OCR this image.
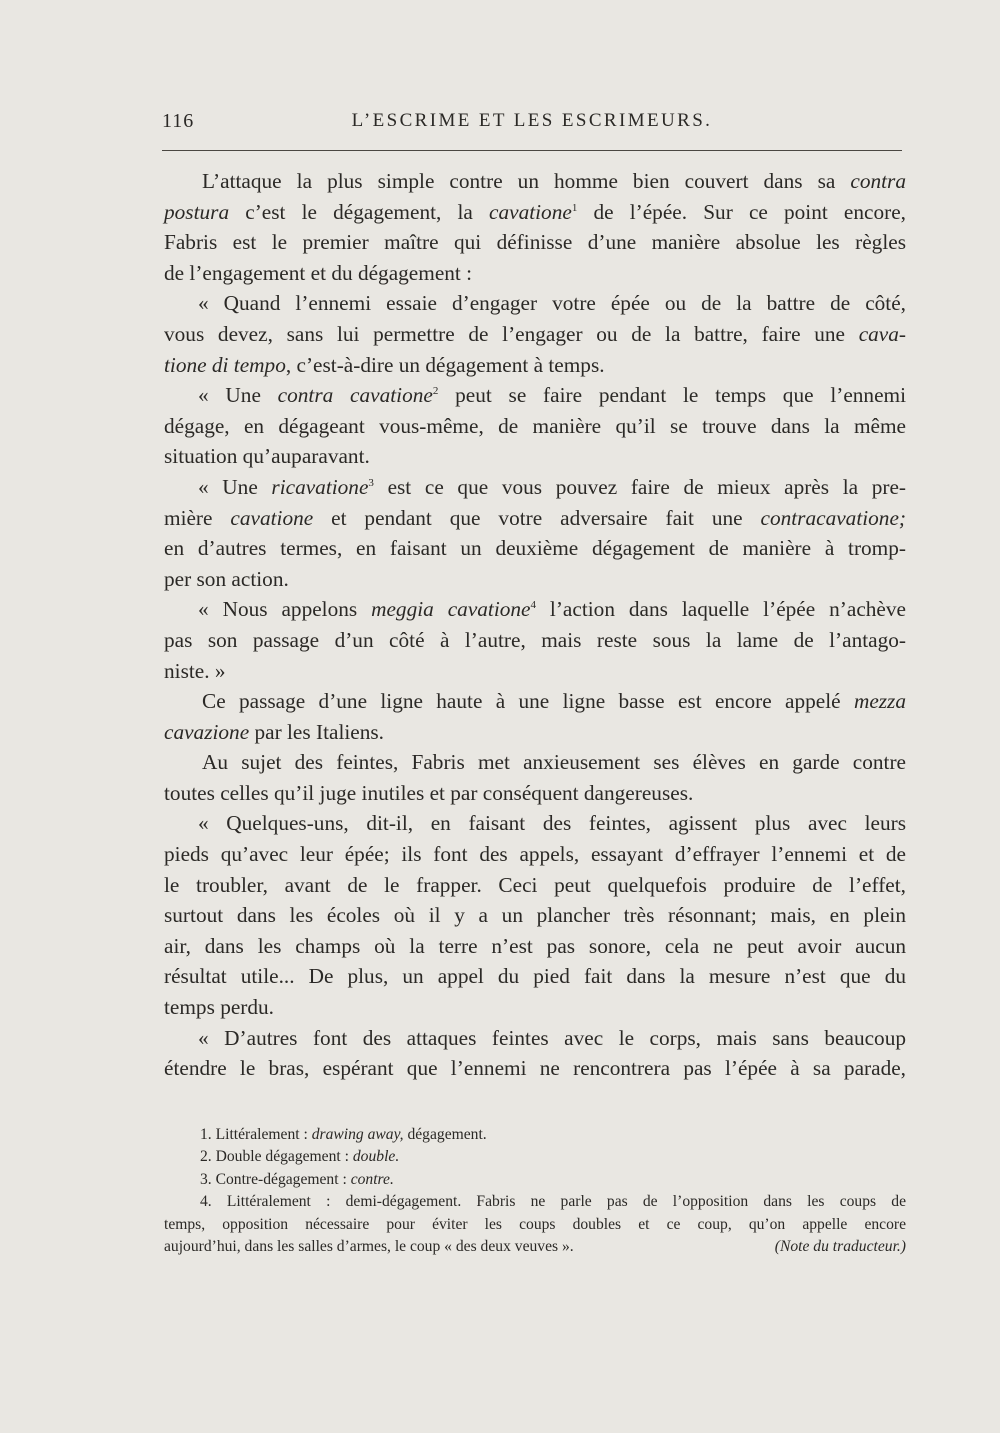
116	L’ESCRIME ET LES ESCRIMEURS.
L’attaque la plus simple contre un homme bien couvert dans sa contra
postura c’est le dégagement, la cavatione$^1$ de l’épée. Sur ce point encore,
Fabris est le premier maître qui définisse d’une manière absolue les règles
de l’engagement et du dégagement :
« Quand l’ennemi essaie d’engager votre épée ou de la battre de côté,
vous devez, sans lui permettre de l’engager ou de la battre, faire une cava-
tione di tempo, c’est-à-dire un dégagement à temps.
« Une contra cavatione$^2$ peut se faire pendant le temps que l’ennemi
dégage, en dégageant vous-même, de manière qu’il se trouve dans la même
situation qu’auparavant.
« Une ricavatione$^3$ est ce que vous pouvez faire de mieux après la pre-
mière cavatione et pendant que votre adversaire fait une contracavatione;
en d’autres termes, en faisant un deuxième dégagement de manière à tromp-
per son action.
« Nous appelons meggia cavatione$^4$ l’action dans laquelle l’épée n’achève
pas son passage d’un côté à l’autre, mais reste sous la lame de l’antago-
niste. »
Ce passage d’une ligne haute à une ligne basse est encore appelé mezza
cavazione par les Italiens.
Au sujet des feintes, Fabris met anxieusement ses élèves en garde contre
toutes celles qu’il juge inutiles et par conséquent dangereuses.
« Quelques-uns, dit-il, en faisant des feintes, agissent plus avec leurs
pieds qu’avec leur épée; ils font des appels, essayant d’effrayer l’ennemi et de
le troubler, avant de le frapper. Ceci peut quelquefois produire de l’effet,
surtout dans les écoles où il y a un plancher très résonnant; mais, en plein
air, dans les champs où la terre n’est pas sonore, cela ne peut avoir aucun
résultat utile... De plus, un appel du pied fait dans la mesure n’est que du
temps perdu.
« D’autres font des attaques feintes avec le corps, mais sans beaucoup
étendre le bras, espérant que l’ennemi ne rencontrera pas l’épée à sa parade,
1. Littéralement : drawing away, dégagement.
2. Double dégagement : double.
3. Contre-dégagement : contre.
4. Littéralement : demi-dégagement. Fabris ne parle pas de l’opposition dans les coups de
temps, opposition nécessaire pour éviter les coups doubles et ce coup, qu’on appelle encore
aujourd’hui, dans les salles d’armes, le coup « des deux veuves ».	(Note du traducteur.)
